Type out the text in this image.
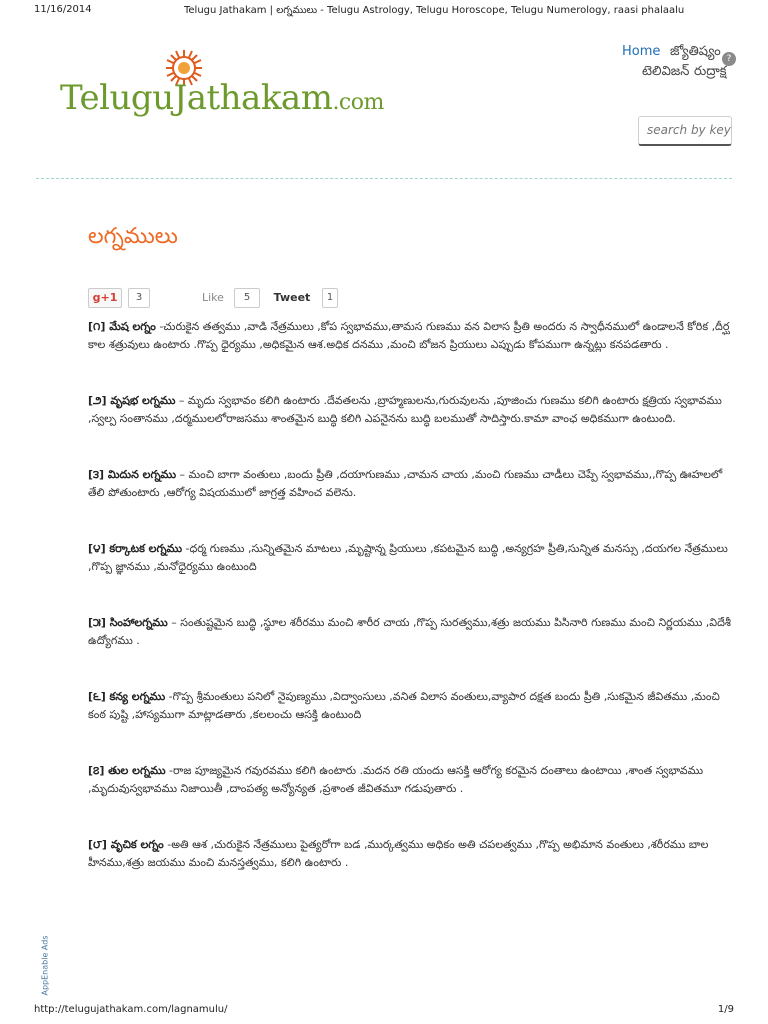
11/16/2014	Telugu Jathakam | లగ్నములు - Telugu Astrology, Telugu Horoscope, Telugu Numerology, raasi phalaalu
TeluguJathakam.com
Home జ్యోతిష్యం
టెలివిజన్ రుద్రాక్ష
?
search by key
లగ్నములు
g+1	3	Like	5	Tweet	1

[౧] మేష లగ్నం -చురుకైన తత్వము ,వాడి నేత్రములు ,కోప స్వభావము,తామస గుణము వన విలాస ప్రీతి అందరు న స్వాధీనములో ఉండాలనే కోరిక ,దీర్ఘ కాల శత్రువులు ఉంటారు .గొప్ప ధైర్యము ,అధికమైన ఆశ.అధిక దనము ,మంచి బోజన ప్రియులు ఎప్పుడు కోపముగా ఉన్నట్లు కనపడతారు .

[౨] వృషభ లగ్నము – మృదు స్వభావం కలిగి ఉంటారు .దేవతలను ,బ్రాహ్మణులను,గురువులను ,పూజించు గుణము కలిగి ఉంటారు క్షత్రియ స్వభావము ,స్వల్ప సంతానము ,దర్మములలోరాజసము శాంతమైన బుద్ధి కలిగి ఎపనైనను బుద్ధి బలముతో సాదిస్తారు.కామా వాంఛ అధికముగా ఉంటుంది.

[౩] మిదున లగ్నము – మంచి బాగా వంతులు ,బందు ప్రీతి ,దయాగుణము ,చామన చాయ ,మంచి గుణము చాడీలు చెప్పే స్వభావము,,గొప్ప ఊహలలో తేలి పోతుంటారు ,ఆరోగ్య విషయములో జాగ్రత్త వహించ వలెను.

[౪] కర్కాటక లగ్నము -ధర్మ గుణము ,సున్నితమైన మాటలు ,మృష్టాన్న ప్రియులు ,కపటమైన బుద్ధి ,అన్యగ్రహ ప్రీతి,సున్నిత మనస్సు ,దయగల నేత్రములు ,గొప్ప జ్ఞానము ,మనోధైర్యము ఉంటుంది

[౫] సింహాలగ్నము – సంతుష్టమైన బుద్ధి ,స్థూల శరీరము మంచి శారీర చాయ ,గొప్ప సురత్వము,శత్రు జయము పిసినారి గుణము మంచి నిర్ణయము ,విదేశీ ఉద్యోగము .

[౬] కన్య లగ్నము -గొప్ప శ్రీమంతులు పనిలో నైపుణ్యము ,విద్వాంసులు ,వనిత విలాస వంతులు,వ్యాపార దక్షత బందు ప్రీతి ,సుకమైన జీవితము ,మంచి కంఠ పుష్టి ,హాస్యముగా మాట్లాడతారు ,కలలంచు ఆసక్తి ఉంటుంది

[౭] తుల లగ్నము -రాజ పూజ్యమైన గవురవము కలిగి ఉంటారు .మదన రతి యందు ఆసక్తి ఆరోగ్య కరమైన దంతాలు ఉంటాయి ,శాంత స్వభావము ,మృదువుస్వభావము నిజాయితీ ,దాంపత్య అన్యోన్యత ,ప్రశాంత జీవితమూ గడుపుతారు .

[౮] వృచిక లగ్నం -అతి ఆశ ,చురుకైన నేత్రములు పైత్యరోగా బడ ,ముర్కత్వము అధికం అతి చపలత్వము ,గొప్ప అభిమాన వంతులు ,శరీరము బాల హీనము,శత్రు జయము మంచి మనస్తత్వము, కలిగి ఉంటారు .

AppEnable Ads
http://telugujathakam.com/lagnamulu/	1/9
